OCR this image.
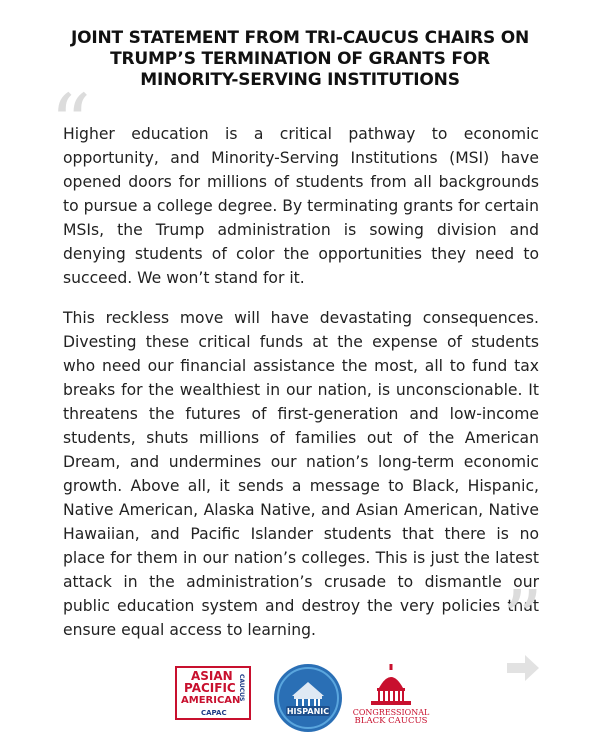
JOINT STATEMENT FROM TRI-CAUCUS CHAIRS ON
TRUMP’S TERMINATION OF GRANTS FOR
MINORITY-SERVING INSTITUTIONS
“

Higher education is a critical pathway to economic opportunity, and Minority-Serving Institutions (MSI) have opened doors for millions of students from all backgrounds to pursue a college degree. By terminating grants for certain MSIs, the Trump administration is sowing division and denying students of color the opportunities they need to succeed. We won’t stand for it.

This reckless move will have devastating consequences. Divesting these critical funds at the expense of students who need our financial assistance the most, all to fund tax breaks for the wealthiest in our nation, is unconscionable. It threatens the futures of first-generation and low-income students, shuts millions of families out of the American Dream, and undermines our nation’s long-term economic growth. Above all, it sends a message to Black, Hispanic, Native American, Alaska Native, and Asian American, Native Hawaiian, and Pacific Islander students that there is no place for them in our nation’s colleges. This is just the latest attack in the administration’s crusade to dismantle our public education system and destroy the very policies that ensure equal access to learning.	”
ASIAN
PACIFIC
AMERICAN
CAPAC
CAUCUS
HISPANIC	CONGRESSIONAL
BLACK CAUCUS
